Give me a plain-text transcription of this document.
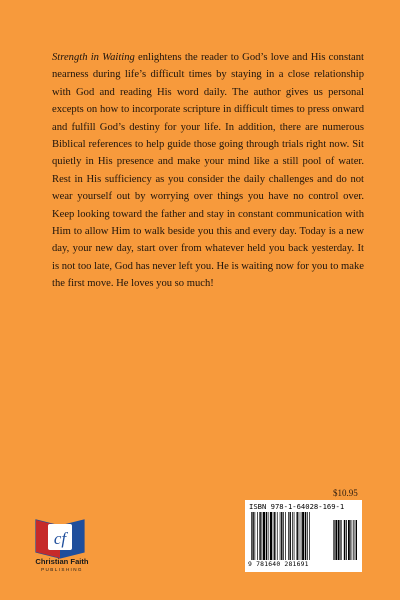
Strength in Waiting enlightens the reader to God’s love and His constant nearness during life’s difficult times by staying in a close relationship with God and reading His word daily. The author gives us personal excepts on how to incorporate scripture in difficult times to press onward and fulfill God’s destiny for your life. In addition, there are numerous Biblical references to help guide those going through trials right now. Sit quietly in His presence and make your mind like a still pool of water. Rest in His sufficiency as you consider the daily challenges and do not wear yourself out by worrying over things you have no control over. Keep looking toward the father and stay in constant communication with Him to allow Him to walk beside you this and every day. Today is a new day, your new day, start over from whatever held you back yesterday. It is not too late, God has never left you. He is waiting now for you to make the first move. He loves you so much!

$10.95
ISBN 978-1-64028-169-1
9 781640 281691
cf
Christian Faith
PUBLISHING
